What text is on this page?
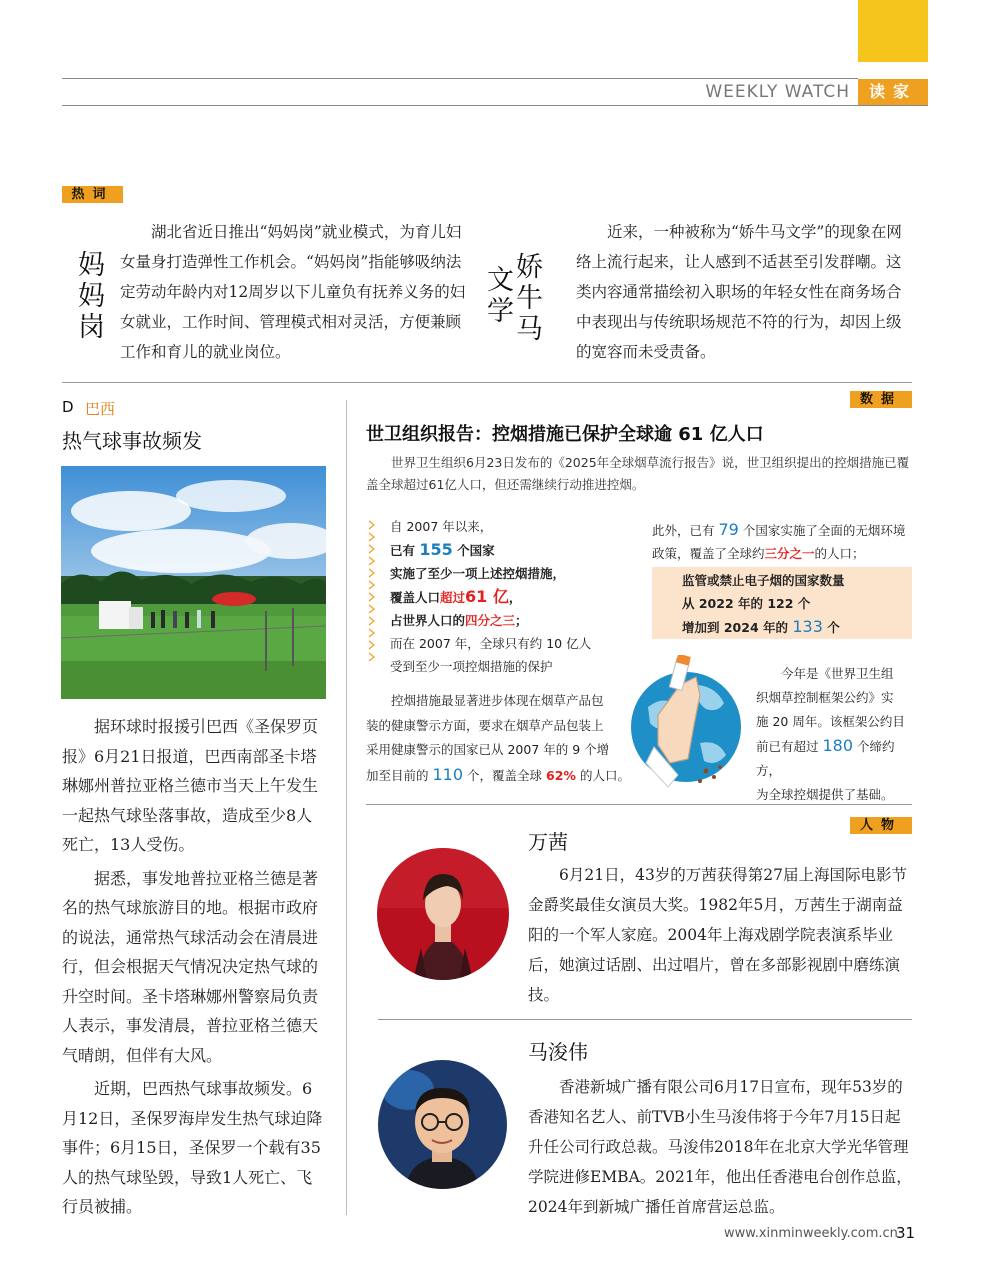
WEEKLY WATCH	读家
热词
妈妈岗
湖北省近日推出“妈妈岗”就业模式，为育儿妇女量身打造弹性工作机会。“妈妈岗”指能够吸纳法定劳动年龄内对12周岁以下儿童负有抚养义务的妇女就业，工作时间、管理模式相对灵活，方便兼顾工作和育儿的就业岗位。
娇牛马
文学
近来，一种被称为“娇牛马文学”的现象在网络上流行起来，让人感到不适甚至引发群嘲。这类内容通常描绘初入职场的年轻女性在商务场合中表现出与传统职场规范不符的行为，却因上级的宽容而未受责备。
D 巴西
热气球事故频发

据环球时报援引巴西《圣保罗页报》6月21日报道，巴西南部圣卡塔琳娜州普拉亚格兰德市当天上午发生一起热气球坠落事故，造成至少8人死亡，13人受伤。

据悉，事发地普拉亚格兰德是著名的热气球旅游目的地。根据市政府的说法，通常热气球活动会在清晨进行，但会根据天气情况决定热气球的升空时间。圣卡塔琳娜州警察局负责人表示，事发清晨，普拉亚格兰德天气晴朗，但伴有大风。

近期，巴西热气球事故频发。6月12日，圣保罗海岸发生热气球迫降事件；6月15日，圣保罗一个载有35人的热气球坠毁，导致1人死亡、飞行员被捕。

数据
世卫组织报告：控烟措施已保护全球逾 61 亿人口
世界卫生组织6月23日发布的《2025年全球烟草流行报告》说，世卫组织提出的控烟措施已覆盖全球超过61亿人口，但还需继续行动推进控烟。
自 2007 年以来，
已有 155 个国家
实施了至少一项上述控烟措施，
覆盖人口超过61 亿，
占世界人口的四分之三；
而在 2007 年，全球只有约 10 亿人
受到至少一项控烟措施的保护
此外，已有 79 个国家实施了全面的无烟环境
政策，覆盖了全球约三分之一的人口；
监管或禁止电子烟的国家数量
从 2022 年的 122 个
增加到 2024 年的 133 个
控烟措施最显著进步体现在烟草产品包
装的健康警示方面，要求在烟草产品包装上
采用健康警示的国家已从 2007 年的 9 个增
加至目前的 110 个，覆盖全球 62% 的人口。
今年是《世界卫生组
织烟草控制框架公约》实
施 20 周年。该框架公约目
前已有超过 180 个缔约方，
为全球控烟提供了基础。
人物
万茜
6月21日，43岁的万茜获得第27届上海国际电影节金爵奖最佳女演员大奖。1982年5月，万茜生于湖南益阳的一个军人家庭。2004年上海戏剧学院表演系毕业后，她演过话剧、出过唱片，曾在多部影视剧中磨练演技。
马浚伟
香港新城广播有限公司6月17日宣布，现年53岁的香港知名艺人、前TVB小生马浚伟将于今年7月15日起升任公司行政总裁。马浚伟2018年在北京大学光华管理学院进修EMBA。2021年，他出任香港电台创作总监，2024年到新城广播任首席营运总监。
www.xinminweekly.com.cn
31
